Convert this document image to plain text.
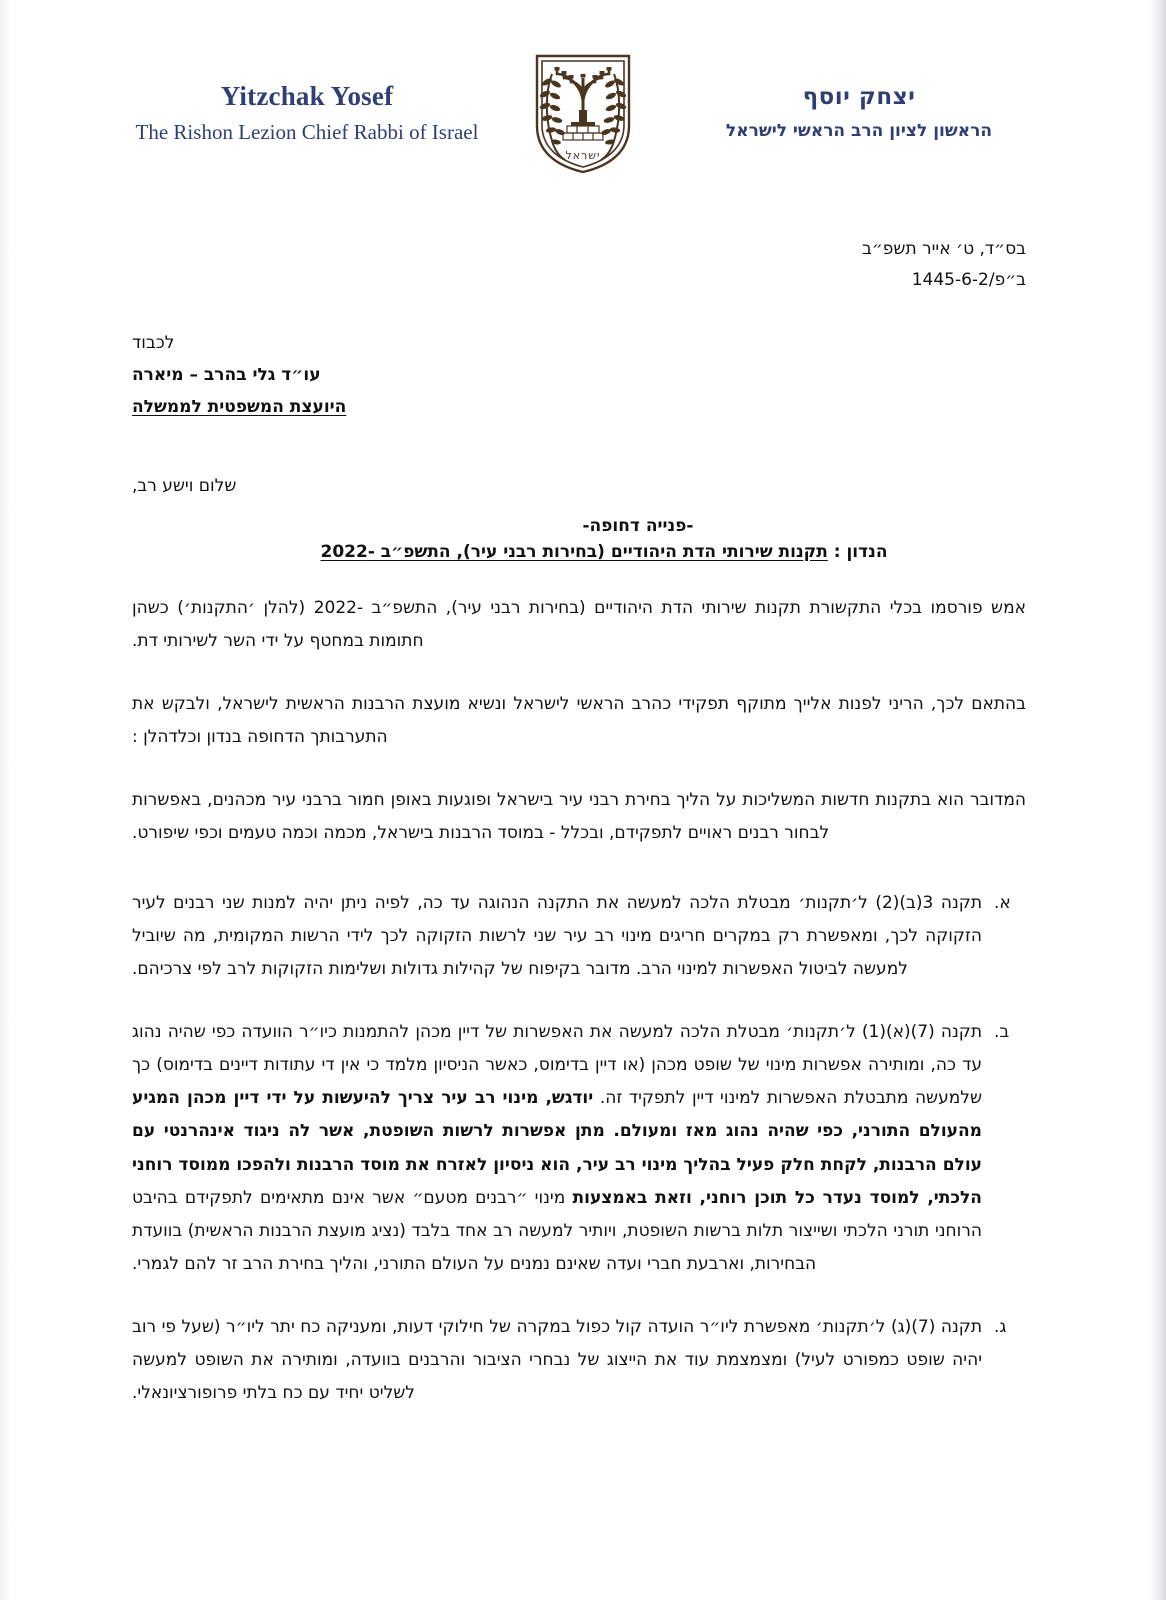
Yitzchak Yosef
The Rishon Lezion Chief Rabbi of Israel
ישראל
יצחק יוסף
הראשון לציון הרב הראשי לישראל
בס״ד, ט׳ אייר תשפ״ב
ב״פ/1445-6-2
לכבוד
עו״ד גלי בהרב – מיארה
היועצת המשפטית לממשלה
שלום וישע רב,
-פנייה דחופה-
הנדון : תקנות שירותי הדת היהודיים (בחירות רבני עיר), התשפ״ב -2022

אמש פורסמו בכלי התקשורת תקנות שירותי הדת היהודיים (בחירות רבני עיר), התשפ״ב -2022 (להלן ׳התקנות׳) כשהן חתומות במחטף על ידי השר לשירותי דת.

בהתאם לכך, הריני לפנות אלייך מתוקף תפקידי כהרב הראשי לישראל ונשיא מועצת הרבנות הראשית לישראל, ולבקש את התערבותך הדחופה בנדון וכלדהלן :

המדובר הוא בתקנות חדשות המשליכות על הליך בחירת רבני עיר בישראל ופוגעות באופן חמור ברבני עיר מכהנים, באפשרות לבחור רבנים ראויים לתפקידם, ובכלל - במוסד הרבנות בישראל, מכמה וכמה טעמים וכפי שיפורט.

א.
תקנה 3(ב)(2) ל׳תקנות׳ מבטלת הלכה למעשה את התקנה הנהוגה עד כה, לפיה ניתן יהיה למנות שני רבנים לעיר הזקוקה לכך, ומאפשרת רק במקרים חריגים מינוי רב עיר שני לרשות הזקוקה לכך לידי הרשות המקומית, מה שיוביל למעשה לביטול האפשרות למינוי הרב. מדובר בקיפוח של קהילות גדולות ושלימות הזקוקות לרב לפי צרכיהם.
ב.
תקנה (7)(א)(1) ל׳תקנות׳ מבטלת הלכה למעשה את האפשרות של דיין מכהן להתמנות כיו״ר הוועדה כפי שהיה נהוג עד כה, ומותירה אפשרות מינוי של שופט מכהן (או דיין בדימוס, כאשר הניסיון מלמד כי אין די עתודות דיינים בדימוס) כך שלמעשה מתבטלת האפשרות למינוי דיין לתפקיד זה. יודגש, מינוי רב עיר צריך להיעשות על ידי דיין מכהן המגיע מהעולם התורני, כפי שהיה נהוג מאז ומעולם. מתן אפשרות לרשות השופטת, אשר לה ניגוד אינהרנטי עם עולם הרבנות, לקחת חלק פעיל בהליך מינוי רב עיר, הוא ניסיון לאזרח את מוסד הרבנות ולהפכו ממוסד רוחני הלכתי, למוסד נעדר כל תוכן רוחני, וזאת באמצעות מינוי ״רבנים מטעם״ אשר אינם מתאימים לתפקידם בהיבט הרוחני תורני הלכתי ושייצור תלות ברשות השופטת, ויותיר למעשה רב אחד בלבד (נציג מועצת הרבנות הראשית) בוועדת הבחירות, וארבעת חברי ועדה שאינם נמנים על העולם התורני, והליך בחירת הרב זר להם לגמרי.
ג.
תקנה (7)(ג) ל׳תקנות׳ מאפשרת ליו״ר הועדה קול כפול במקרה של חילוקי דעות, ומעניקה כח יתר ליו״ר (שעל פי רוב יהיה שופט כמפורט לעיל) ומצמצמת עוד את הייצוג של נבחרי הציבור והרבנים בוועדה, ומותירה את השופט למעשה לשליט יחיד עם כח בלתי פרופורציונאלי.
